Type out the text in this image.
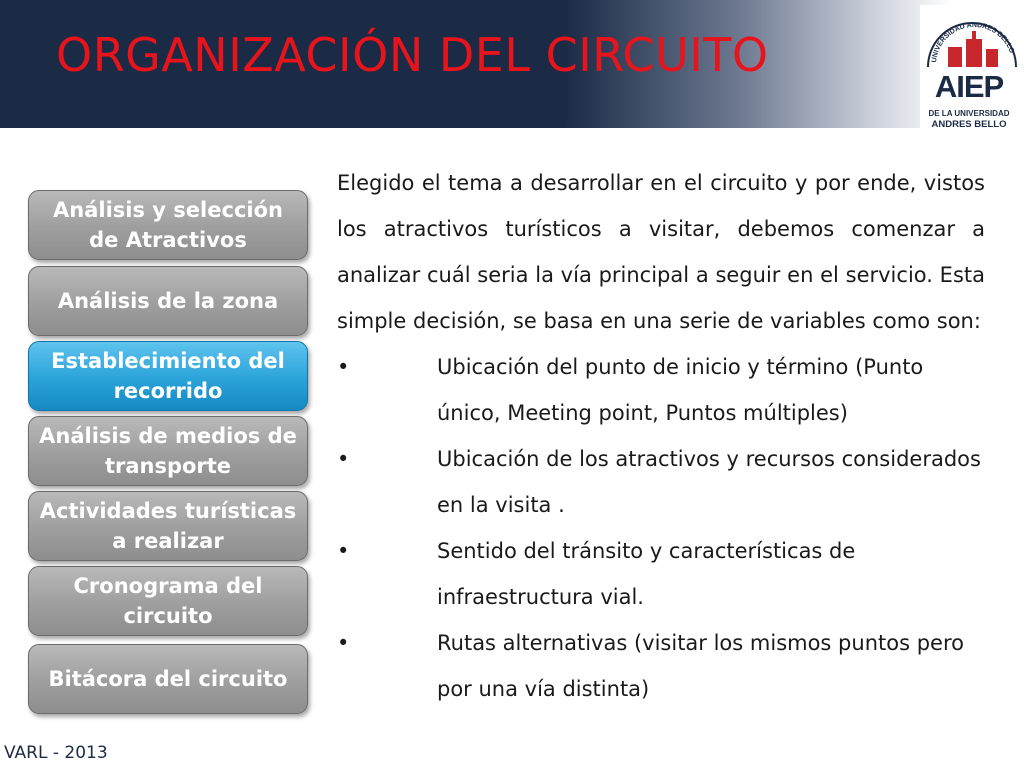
ORGANIZACIÓN DEL CIRCUITO	UNIVERSIDAD ANDRES BELLO
AIEP
DE LA UNIVERSIDAD
ANDRES BELLO
Análisis y selección de Atractivos
Análisis de la zona
Establecimiento del recorrido
Análisis de medios de transporte
Actividades turísticas a realizar
Cronograma del circuito
Bitácora del circuito

Elegido el tema a desarrollar en el circuito y por ende, vistos los atractivos turísticos a visitar, debemos comenzar a analizar cuál seria la vía principal a seguir en el servicio. Esta simple decisión, se basa en una serie de variables como son:

•	Ubicación del punto de inicio y término (Punto único, Meeting point, Puntos múltiples)
•	Ubicación de los atractivos y recursos considerados en la visita .
•	Sentido del tránsito y características de infraestructura vial.
•	Rutas alternativas (visitar los mismos puntos pero por una vía distinta)
VARL - 2013
